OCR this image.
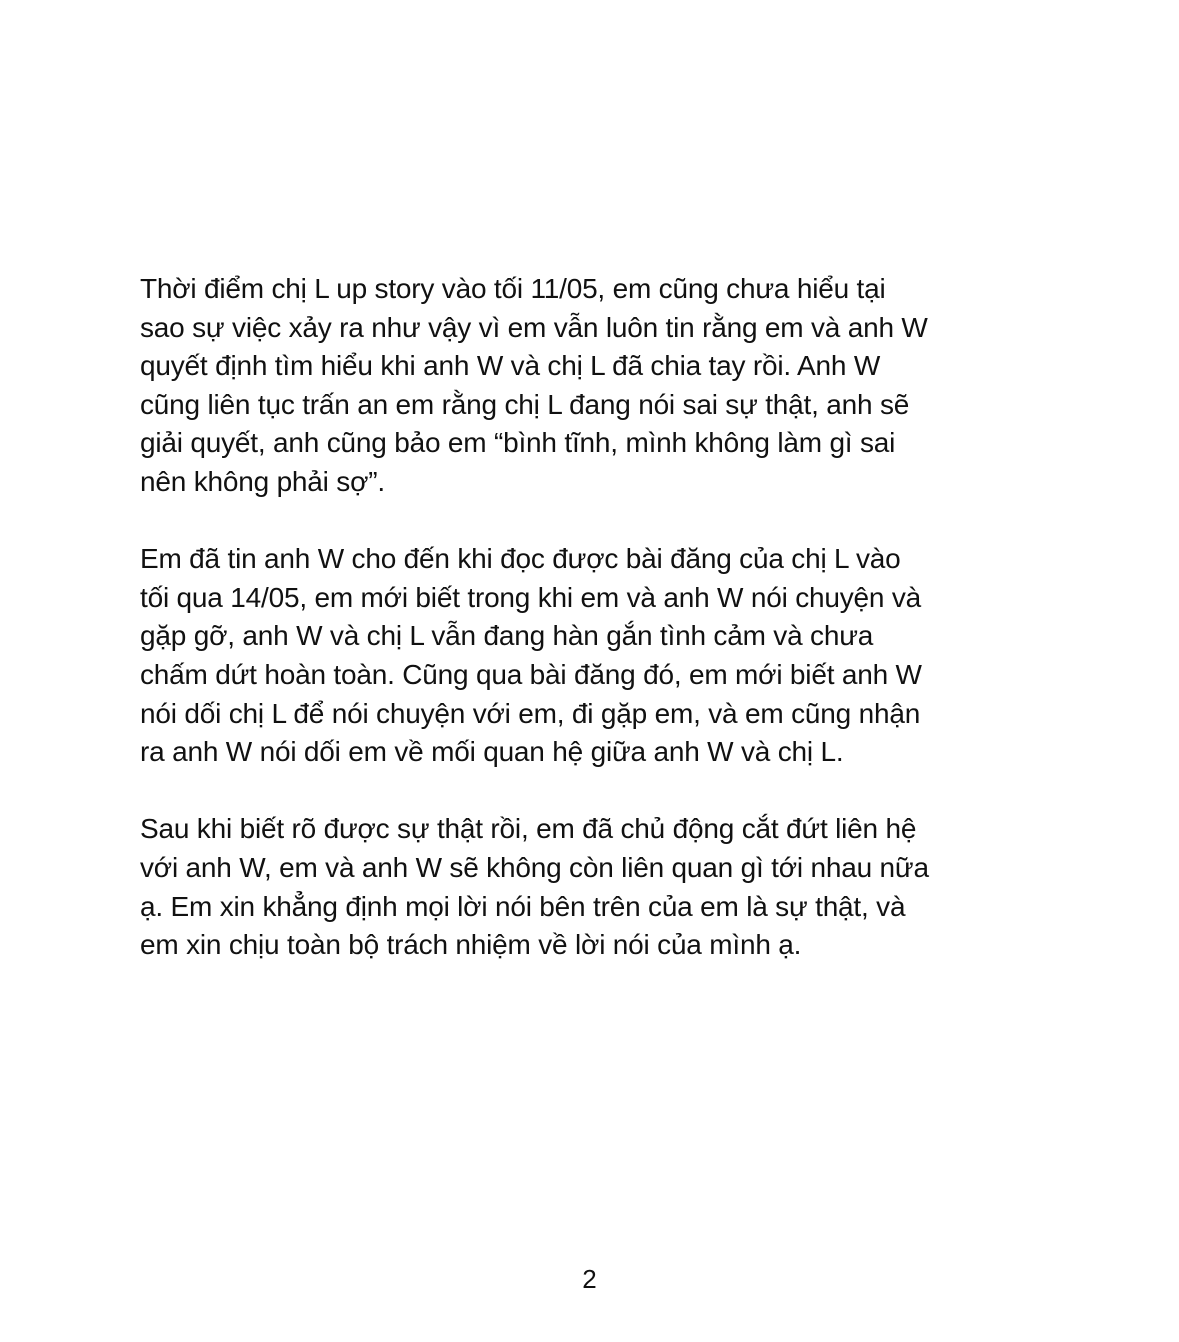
Thời điểm chị L up story vào tối 11/05, em cũng chưa hiểu tại
sao sự việc xảy ra như vậy vì em vẫn luôn tin rằng em và anh W
quyết định tìm hiểu khi anh W và chị L đã chia tay rồi. Anh W
cũng liên tục trấn an em rằng chị L đang nói sai sự thật, anh sẽ
giải quyết, anh cũng bảo em “bình tĩnh, mình không làm gì sai
nên không phải sợ”.
Em đã tin anh W cho đến khi đọc được bài đăng của chị L vào
tối qua 14/05, em mới biết trong khi em và anh W nói chuyện và
gặp gỡ, anh W và chị L vẫn đang hàn gắn tình cảm và chưa
chấm dứt hoàn toàn. Cũng qua bài đăng đó, em mới biết anh W
nói dối chị L để nói chuyện với em, đi gặp em, và em cũng nhận
ra anh W nói dối em về mối quan hệ giữa anh W và chị L.
Sau khi biết rõ được sự thật rồi, em đã chủ động cắt đứt liên hệ
với anh W, em và anh W sẽ không còn liên quan gì tới nhau nữa
ạ. Em xin khẳng định mọi lời nói bên trên của em là sự thật, và
em xin chịu toàn bộ trách nhiệm về lời nói của mình ạ.
2
